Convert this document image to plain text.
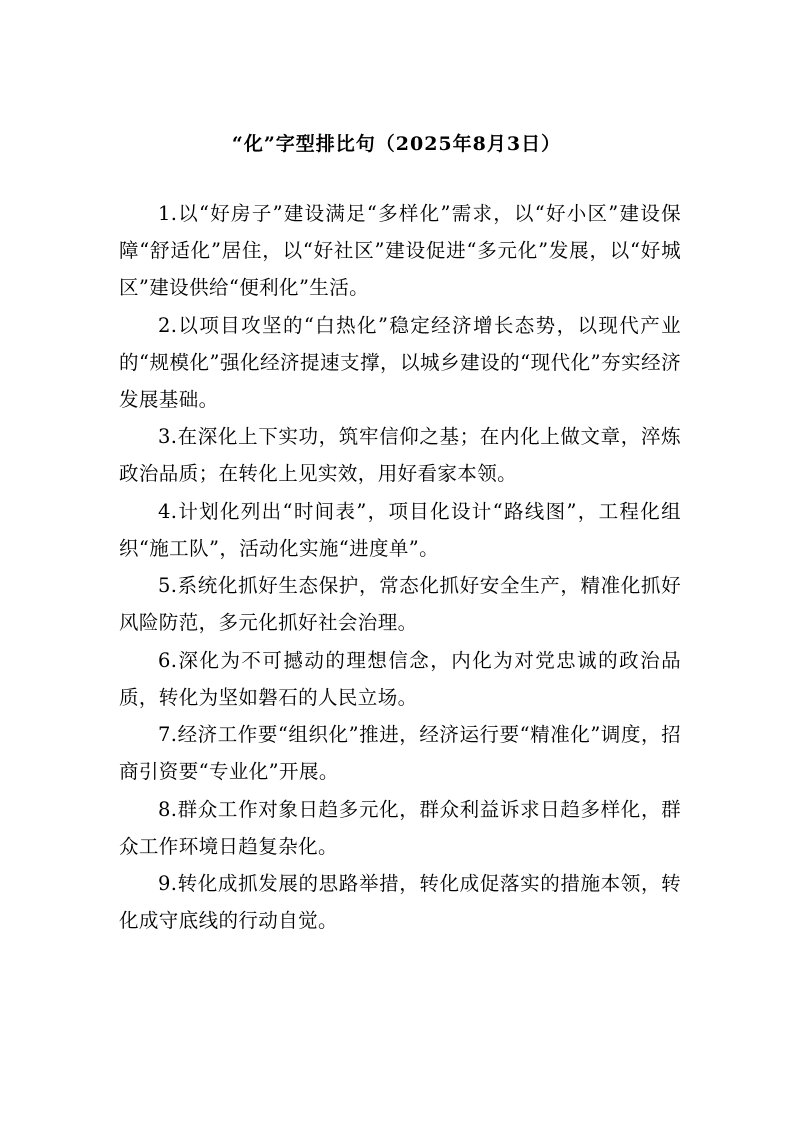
“化”字型排比句（2025年8月3日）

1.以“好房子”建设满足“多样化”需求，以“好小区”建设保障“舒适化”居住，以“好社区”建设促进“多元化”发展，以“好城区”建设供给“便利化”生活。

2.以项目攻坚的“白热化”稳定经济增长态势，以现代产业的“规模化”强化经济提速支撑，以城乡建设的“现代化”夯实经济发展基础。

3.在深化上下实功，筑牢信仰之基；在内化上做文章，淬炼政治品质；在转化上见实效，用好看家本领。

4.计划化列出“时间表”，项目化设计“路线图”，工程化组织“施工队”，活动化实施“进度单”。

5.系统化抓好生态保护，常态化抓好安全生产，精准化抓好风险防范，多元化抓好社会治理。

6.深化为不可撼动的理想信念，内化为对党忠诚的政治品质，转化为坚如磐石的人民立场。

7.经济工作要“组织化”推进，经济运行要“精准化”调度，招商引资要“专业化”开展。

8.群众工作对象日趋多元化，群众利益诉求日趋多样化，群众工作环境日趋复杂化。

9.转化成抓发展的思路举措，转化成促落实的措施本领，转化成守底线的行动自觉。
